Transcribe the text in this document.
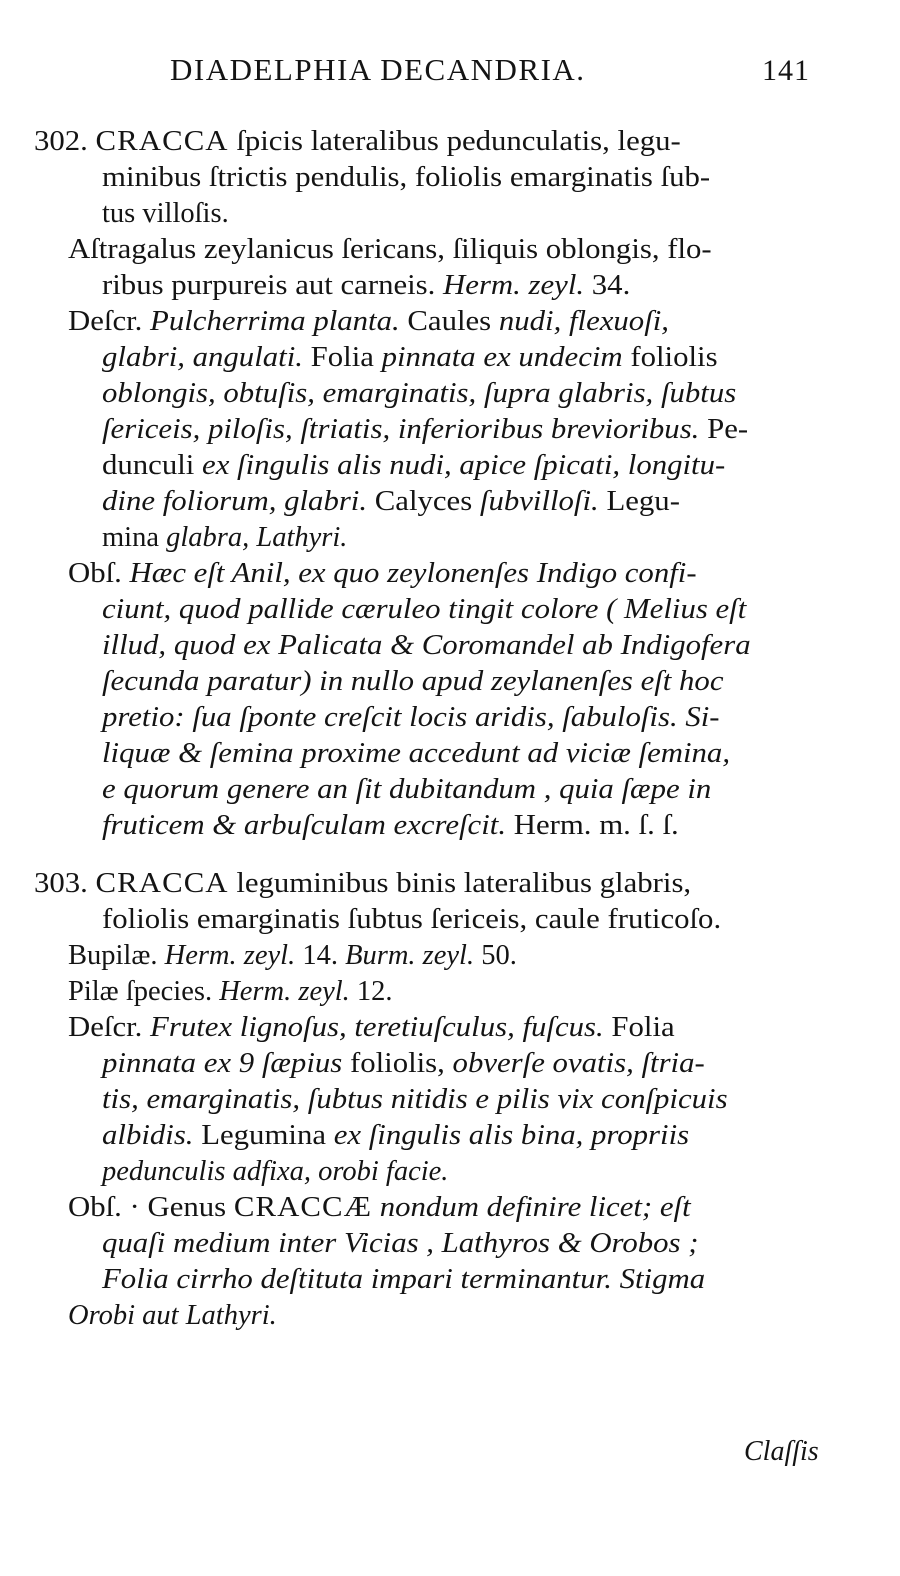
DIADELPHIA DECANDRIA.	141
302. CRACCA ſpicis lateralibus pedunculatis, legu-
minibus ſtrictis pendulis, foliolis emarginatis ſub-
tus villoſis.
Aſtragalus zeylanicus ſericans, ſiliquis oblongis, flo-
ribus purpureis aut carneis. Herm. zeyl. 34.
Deſcr. Pulcherrima planta. Caules nudi, flexuoſi,
glabri, angulati. Folia pinnata ex undecim foliolis
oblongis, obtuſis, emarginatis, ſupra glabris, ſubtus
ſericeis, piloſis, ſtriatis, inferioribus brevioribus. Pe-
dunculi ex ſingulis alis nudi, apice ſpicati, longitu-
dine foliorum, glabri. Calyces ſubvilloſi. Legu-
mina glabra, Lathyri.
Obſ. Hæc eſt Anil, ex quo zeylonenſes Indigo confi-
ciunt, quod pallide cæruleo tingit colore ( Melius eſt
illud, quod ex Palicata & Coromandel ab Indigofera
ſecunda paratur) in nullo apud zeylanenſes eſt hoc
pretio: ſua ſponte creſcit locis aridis, ſabuloſis. Si-
liquæ & ſemina proxime accedunt ad viciæ ſemina,
e quorum genere an ſit dubitandum , quia ſæpe in
fruticem & arbuſculam excreſcit. Herm. m. ſ. ſ.
303. CRACCA leguminibus binis lateralibus glabris,
foliolis emarginatis ſubtus ſericeis, caule fruticoſo.
Bupilæ. Herm. zeyl. 14. Burm. zeyl. 50.
Pilæ ſpecies. Herm. zeyl. 12.
Deſcr. Frutex lignoſus, teretiuſculus, fuſcus. Folia
pinnata ex 9 ſæpius foliolis, obverſe ovatis, ſtria-
tis, emarginatis, ſubtus nitidis e pilis vix conſpicuis
albidis. Legumina ex ſingulis alis bina, propriis
pedunculis adfixa, orobi facie.
Obſ. · Genus CRACCÆ nondum definire licet; eſt
quaſi medium inter Vicias , Lathyros & Orobos ;
Folia cirrho deſtituta impari terminantur. Stigma
Orobi aut Lathyri.
Claſſis
